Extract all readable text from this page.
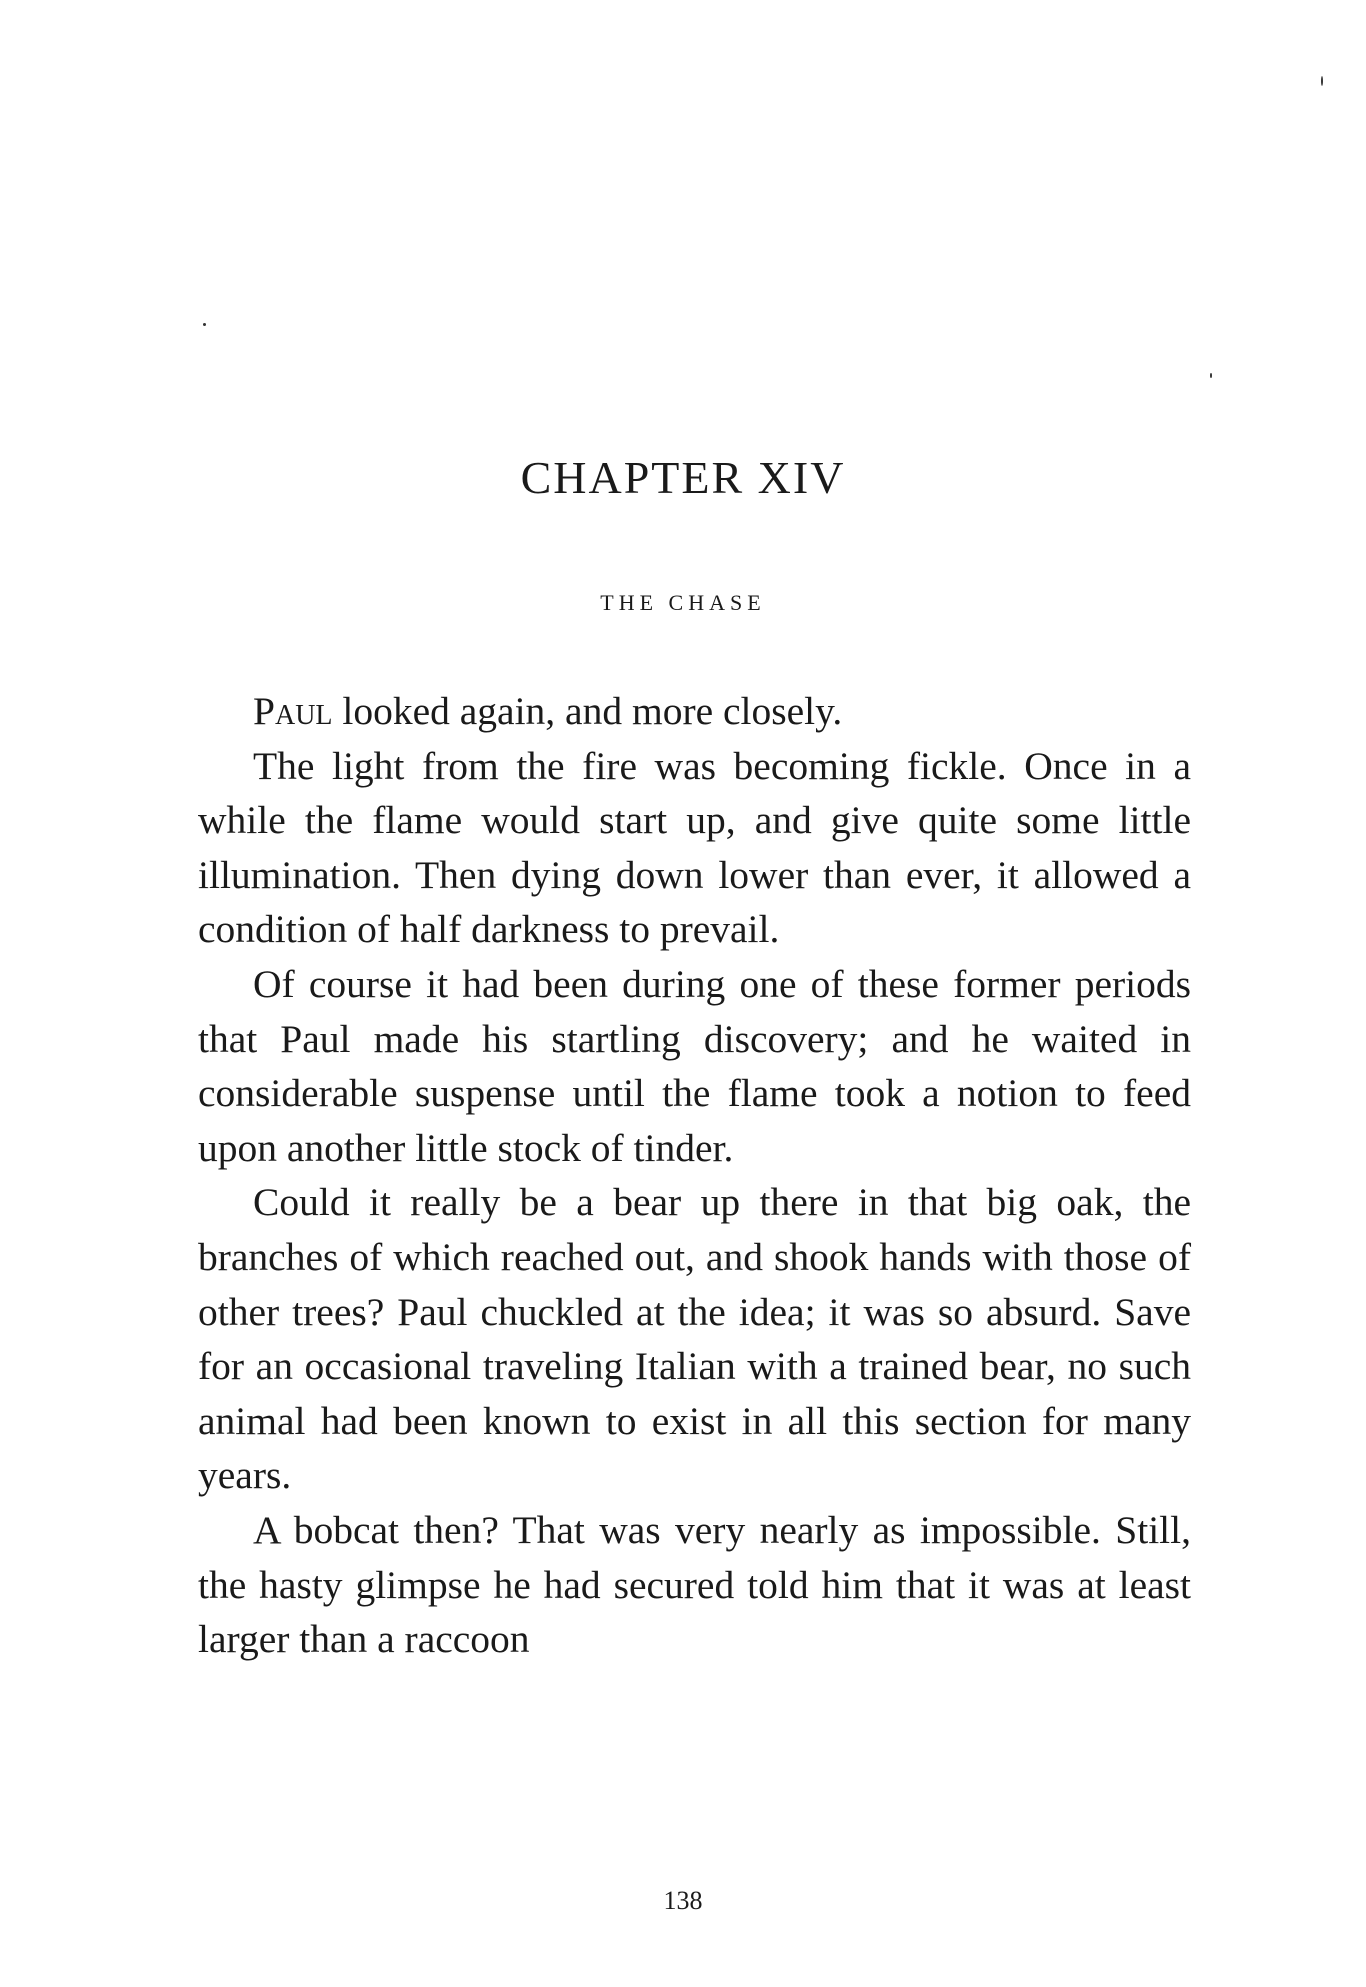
CHAPTER XIV
THE CHASE

Paul looked again, and more closely.

The light from the fire was becoming fickle. Once in a while the flame would start up, and give quite some little illumination. Then dying down lower than ever, it allowed a condition of half darkness to prevail.

Of course it had been during one of these former periods that Paul made his startling discovery; and he waited in considerable suspense until the flame took a notion to feed upon another little stock of tinder.

Could it really be a bear up there in that big oak, the branches of which reached out, and shook hands with those of other trees? Paul chuckled at the idea; it was so absurd. Save for an occasional traveling Italian with a trained bear, no such animal had been known to exist in all this section for many years.

A bobcat then? That was very nearly as impossible. Still, the hasty glimpse he had secured told him that it was at least larger than a raccoon

138
